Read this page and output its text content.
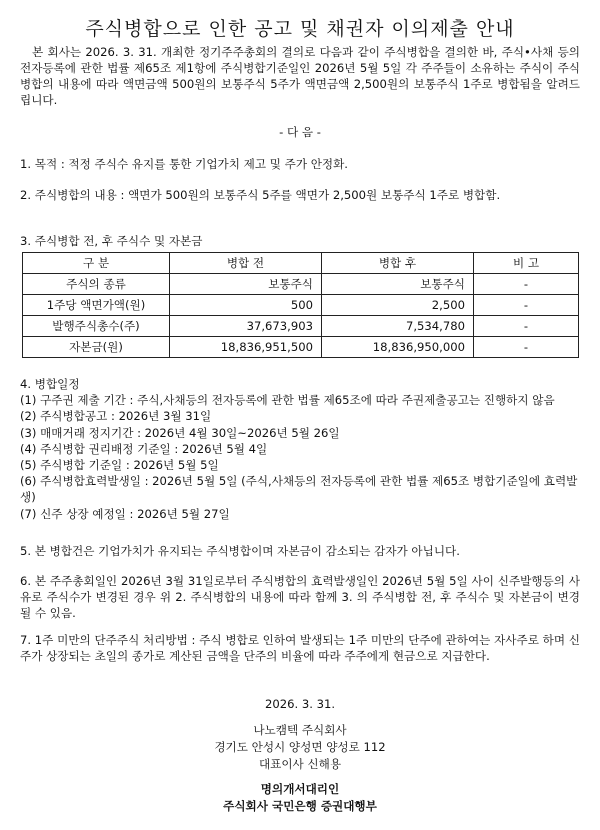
주식병합으로 인한 공고 및 채권자 이의제출 안내

본 회사는 2026. 3. 31. 개최한 정기주주총회의 결의로 다음과 같이 주식병합을 결의한 바, 주식•사채 등의 전자등록에 관한 법률 제65조 제1항에 주식병합기준일인 2026년 5월 5일 각 주주들이 소유하는 주식이 주식병합의 내용에 따라 액면금액 500원의 보통주식 5주가 액면금액 2,500원의 보통주식 1주로 병합됨을 알려드립니다.

- 다 음 -

1. 목적 : 적정 주식수 유지를 통한 기업가치 제고 및 주가 안정화.

2. 주식병합의 내용 : 액면가 500원의 보통주식 5주를 액면가 2,500원 보통주식 1주로 병합함.

3. 주식병합 전, 후 주식수 및 자본금

구 분	병합 전	병합 후	비 고
주식의 종류	보통주식	보통주식	-
1주당 액면가액(원)	500	2,500	-
발행주식총수(주)	37,673,903	7,534,780	-
자본금(원)	18,836,951,500	18,836,950,000	-
4. 병합일정
(1) 구주권 제출 기간 : 주식,사채등의 전자등록에 관한 법률 제65조에 따라 주권제출공고는 진행하지 않음
(2) 주식병합공고 : 2026년 3월 31일
(3) 매매거래 정지기간 : 2026년 4월 30일~2026년 5월 26일
(4) 주식병합 권리배정 기준일 : 2026년 5월 4일
(5) 주식병합 기준일 : 2026년 5월 5일
(6) 주식병합효력발생일 : 2026년 5월 5일 (주식,사채등의 전자등록에 관한 법률 제65조 병합기준일에 효력발생)
(7) 신주 상장 예정일 : 2026년 5월 27일

5. 본 병합건은 기업가치가 유지되는 주식병합이며 자본금이 감소되는 감자가 아닙니다.

6. 본 주주총회일인 2026년 3월 31일로부터 주식병합의 효력발생일인 2026년 5월 5일 사이 신주발행등의 사유로 주식수가 변경된 경우 위 2. 주식병합의 내용에 따라 함께 3. 의 주식병합 전, 후 주식수 및 자본금이 변경될 수 있음.

7. 1주 미만의 단주주식 처리방법 : 주식 병합로 인하여 발생되는 1주 미만의 단주에 관하여는 자사주로 하며 신주가 상장되는 초일의 종가로 계산된 금액을 단주의 비율에 따라 주주에게 현금으로 지급한다.

2026. 3. 31.
나노캠텍 주식회사
경기도 안성시 양성면 양성로 112
대표이사 신해용
명의개서대리인
주식회사 국민은행 증권대행부
